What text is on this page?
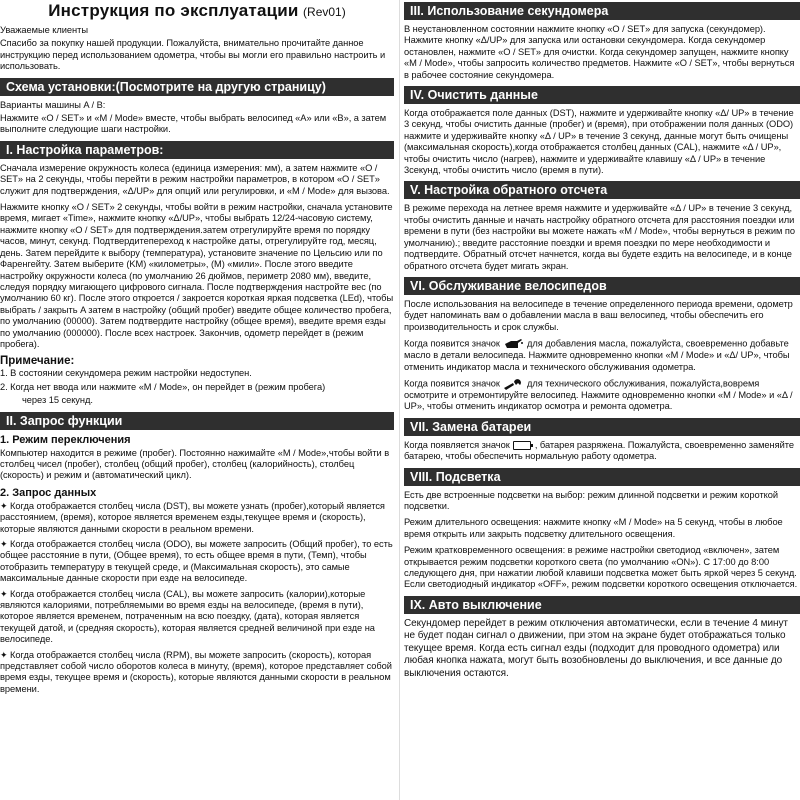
Инструкция по эксплуатации (Rev01)

Уважаемые клиенты

Спасибо за покупку нашей продукции. Пожалуйста, внимательно прочитайте данное инструкцию перед использованием одометра, чтобы вы могли его правильно настроить и использовать.

Схема установки:(Посмотрите на другую страницу)

Варианты машины A / B:

Нажмите «O / SET» и «M / Mode» вместе, чтобы выбрать велосипед «A» или «B», а затем выполните следующие шаги настройки.

I. Настройка параметров:

Сначала измерение окружность колеса (единица измерения: мм), а затем нажмите «O / SET» на 2 секунды, чтобы перейти в режим настройки параметров, в котором «O / SET» служит для подтверждения, «Δ/UP» для опций или регулировки, и «M / Mode» для вызова.

Нажмите кнопку «O / SET» 2 секунды, чтобы войти в режим настройки, сначала установите время, мигает «Time», нажмите кнопку «Δ/UP», чтобы выбрать 12/24-часовую систему, нажмите кнопку «O / SET» для подтверждения.затем отрегулируйте время по порядку часов, минут, секунд. Подтвердитепереход к настройке даты, отрегулируйте год, месяц, день. Затем перейдите к выбору (температура), установите значение по Цельсию или по Фаренгейту. Затем выберите (KM) «километры», (M) «мили». После этого введите настройку окружности колеса (по умолчанию 26 дюймов, периметр 2080 мм), введите, следуя порядку мигающего цифрового сигнала. После подтверждения настройте вес (по умолчанию 60 кг). После этого откроется / закроется короткая яркая подсветка (LEd), чтобы выбрать / закрыть A затем в настройку (общий пробег) введите общее количество пробега, по умолчанию (00000). Затем подтвердите настройку (общее время), введите время езды по умолчанию (000000). После всех настроек. Закончив, одометр перейдет в (режим пробега).

Примечание:

1. В состоянии секундомера режим настройки недоступен.

2. Когда нет ввода или нажмите «M / Mode», он перейдет в (режим пробега)

через 15 секунд.

II. Запрос функции
1. Режим переключения

Компьютер находится в режиме (пробег). Постоянно нажимайте «M / Mode»,чтобы войти в столбец чисел (пробег), столбец (общий пробег), столбец (калорийность), столбец (скорость) и режим и (автоматический цикл).

2. Запрос данных

✦ Когда отображается столбец числа (DST), вы можете узнать (пробег),который является расстоянием, (время), которое является временем езды,текущее время и (скорость), которые являются данными скорости в реальном времени.

✦ Когда отображается столбец числа (ODO), вы можете запросить (Общий пробег), то есть общее расстояние в пути, (Общее время), то есть общее время в пути, (Темп), чтобы отобразить температуру в текущей среде, и (Максимальная скорость), это самые максимальные данные скорости при езде на велосипеде.

✦ Когда отображается столбец числа (CAL), вы можете запросить (калории),которые являются калориями, потребляемыми во время езды на велосипеде, (время в пути), которое является временем, потраченным на всю поездку, (дата), которая является текущей датой, и (средняя скорость), которая является средней величиной при езде на велосипеде.

✦ Когда отображается столбец числа (RPM), вы можете запросить (скорость), которая представляет собой число оборотов колеса в минуту, (время), которое представляет собой время езды, текущее время и (скорость), которые являются данными скорости в реальном времени.

III. Использование секундомера

В неустановленном состоянии нажмите кнопку «O / SET» для запуска (секундомер). Нажмите кнопку «Δ/UP» для запуска или остановки секундомера. Когда секундомер остановлен, нажмите «O / SET» для очистки. Когда секундомер запущен, нажмите кнопку «M / Mode», чтобы запросить количество предметов. Нажмите «O / SET», чтобы вернуться в рабочее состояние секундомера.

IV. Очистить данные

Когда отображается поле данных (DST), нажмите и удерживайте кнопку «Δ/ UP» в течение 3 секунд, чтобы очистить данные (пробег) и (время), при отображении поля данных (ODO) нажмите и удерживайте кнопку «Δ / UP» в течение 3 секунд, данные могут быть очищены (максимальная скорость),когда отображается столбец данных (CAL), нажмите «Δ / UP», чтобы очистить число (нагрев), нажмите и удерживайте клавишу «Δ / UP» в течение 3секунд, чтобы очистить число (время в пути).

V. Настройка обратного отсчета

В режиме перехода на летнее время нажмите и удерживайте «Δ / UP» в течение 3 секунд, чтобы очистить данные и начать настройку обратного отсчета для расстояния поездки или времени в пути (без настройки вы можете нажать «M / Mode», чтобы вернуться в режим по умолчанию).; введите расстояние поездки и время поездки по мере необходимости и подтвердите. Обратный отсчет начнется, когда вы будете ездить на велосипеде, и в конце обратного отсчета будет мигать экран.

VI. Обслуживание велосипедов

После использования на велосипеде в течение определенного периода времени, одометр будет напоминать вам о добавлении масла в ваш велосипед, чтобы обеспечить его производительность и срок службы.

Когда появится значок	для добавления масла, пожалуйста, своевременно добавьте масло в детали велосипеда. Нажмите одновременно кнопки «M / Mode» и «Δ/ UP», чтобы отменить индикатор масла и технического обслуживания одометра.

Когда появится значок	для технического обслуживания, пожалуйста,вовремя осмотрите и отремонтируйте велосипед. Нажмите одновременно кнопки «M / Mode» и «Δ / UP», чтобы отменить индикатор осмотра и ремонта одометра.

VII. Замена батареи

Когда появляется значок	, батарея разряжена. Пожалуйста, своевременно заменяйте батарею, чтобы обеспечить нормальную работу одометра.

VIII. Подсветка

Есть две встроенные подсветки на выбор: режим длинной подсветки и режим короткой подсветки.

Режим длительного освещения: нажмите кнопку «M / Mode» на 5 секунд, чтобы в любое время открыть или закрыть подсветку длительного освещения.

Режим кратковременного освещения: в режиме настройки светодиод «включен», затем открывается режим подсветки короткого света (по умолчанию «ON»). С 17:00 до 8:00 следующего дня, при нажатии любой клавиши подсветка может быть яркой через 5 секунд. Если светодиодный индикатор «OFF», режим подсветки короткого освещения отключается.

IX. Авто выключение

Секундомер перейдет в режим отключения автоматически, если в течение 4 минут не будет подан сигнал о движении, при этом на экране будет отображаться только текущее время. Когда есть сигнал езды (подходит для проводного одометра) или любая кнопка нажата, могут быть возобновлены до выключения, и все данные до выключения остаются.
